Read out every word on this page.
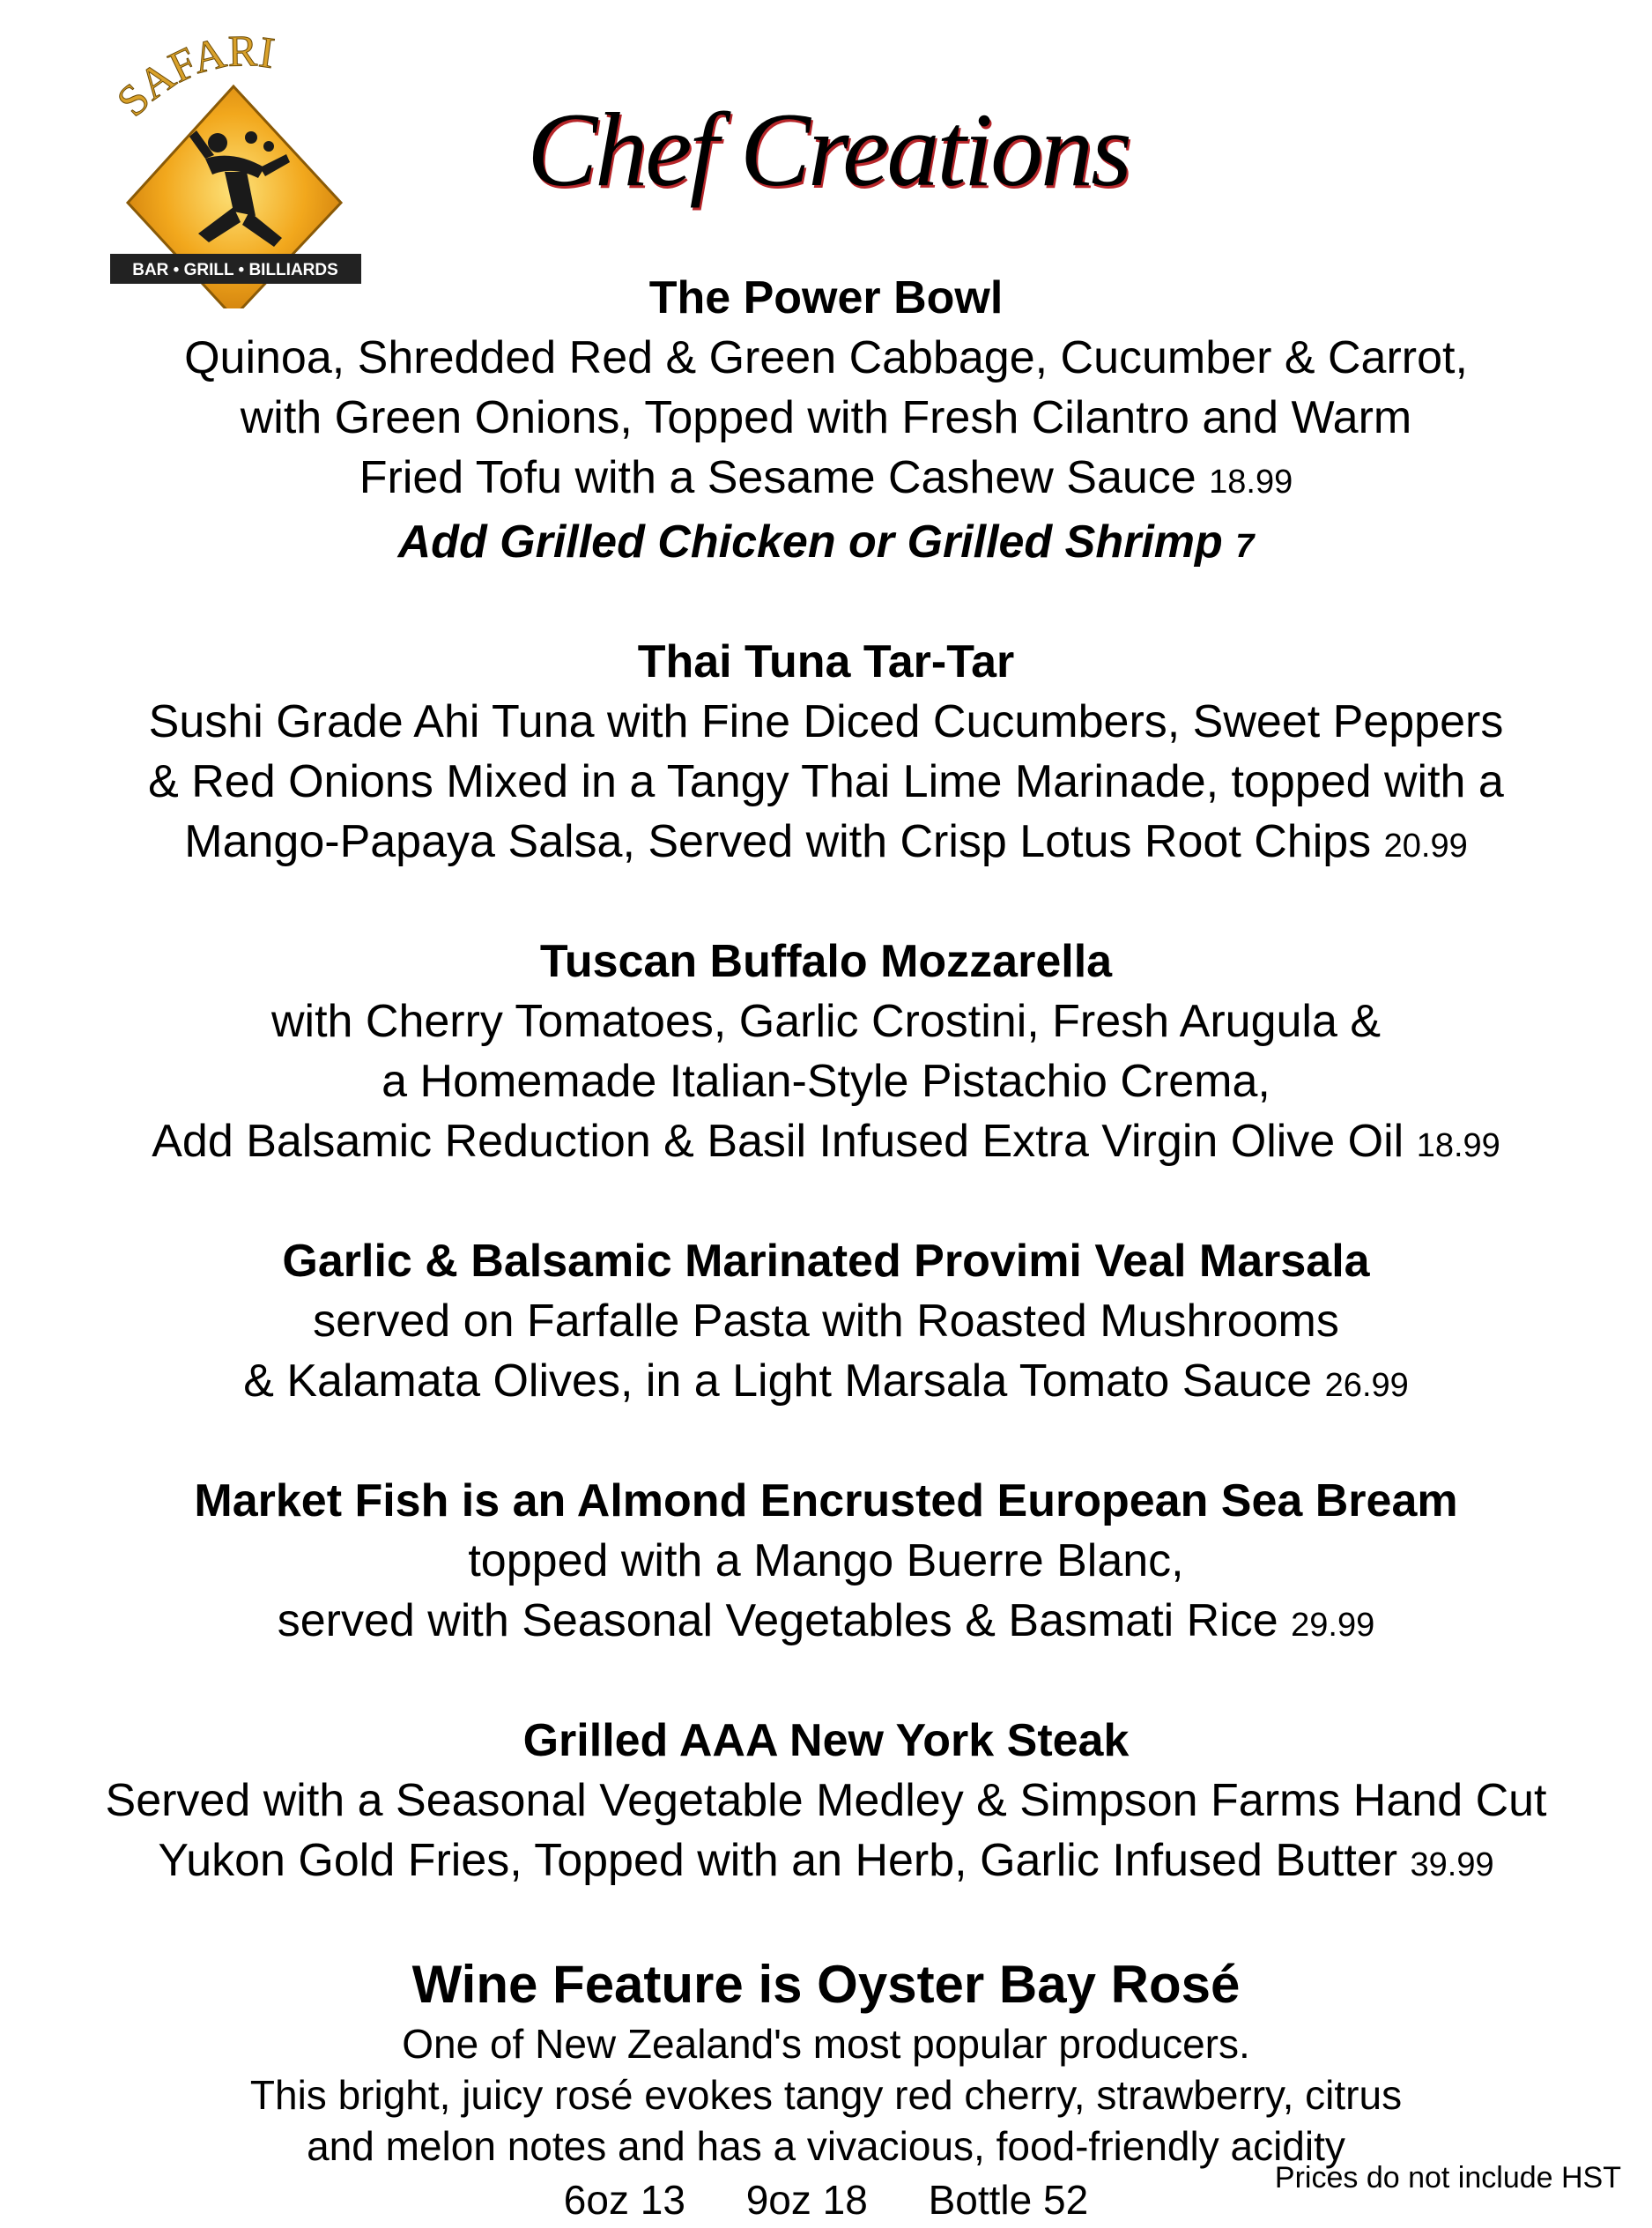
SAFARI
BAR • GRILL • BILLIARDS
Chef Creations
The Power Bowl
Quinoa, Shredded Red & Green Cabbage, Cucumber & Carrot,
with Green Onions, Topped with Fresh Cilantro and Warm
Fried Tofu with a Sesame Cashew Sauce 18.99
Add Grilled Chicken or Grilled Shrimp 7
Thai Tuna Tar-Tar
Sushi Grade Ahi Tuna with Fine Diced Cucumbers, Sweet Peppers
& Red Onions Mixed in a Tangy Thai Lime Marinade, topped with a
Mango-Papaya Salsa, Served with Crisp Lotus Root Chips 20.99
Tuscan Buffalo Mozzarella
with Cherry Tomatoes, Garlic Crostini, Fresh Arugula &
a Homemade Italian-Style Pistachio Crema,
Add Balsamic Reduction & Basil Infused Extra Virgin Olive Oil 18.99
Garlic & Balsamic Marinated Provimi Veal Marsala
served on Farfalle Pasta with Roasted Mushrooms
& Kalamata Olives, in a Light Marsala Tomato Sauce 26.99
Market Fish is an Almond Encrusted European Sea Bream
topped with a Mango Buerre Blanc,
served with Seasonal Vegetables & Basmati Rice 29.99
Grilled AAA New York Steak
Served with a Seasonal Vegetable Medley & Simpson Farms Hand Cut
Yukon Gold Fries, Topped with an Herb, Garlic Infused Butter 39.99
Wine Feature is Oyster Bay Rosé
One of New Zealand's most popular producers.
This bright, juicy rosé evokes tangy red cherry, strawberry, citrus
and melon notes and has a vivacious, food-friendly acidity
6oz 13 9oz 18 Bottle 52	Prices do not include HST
